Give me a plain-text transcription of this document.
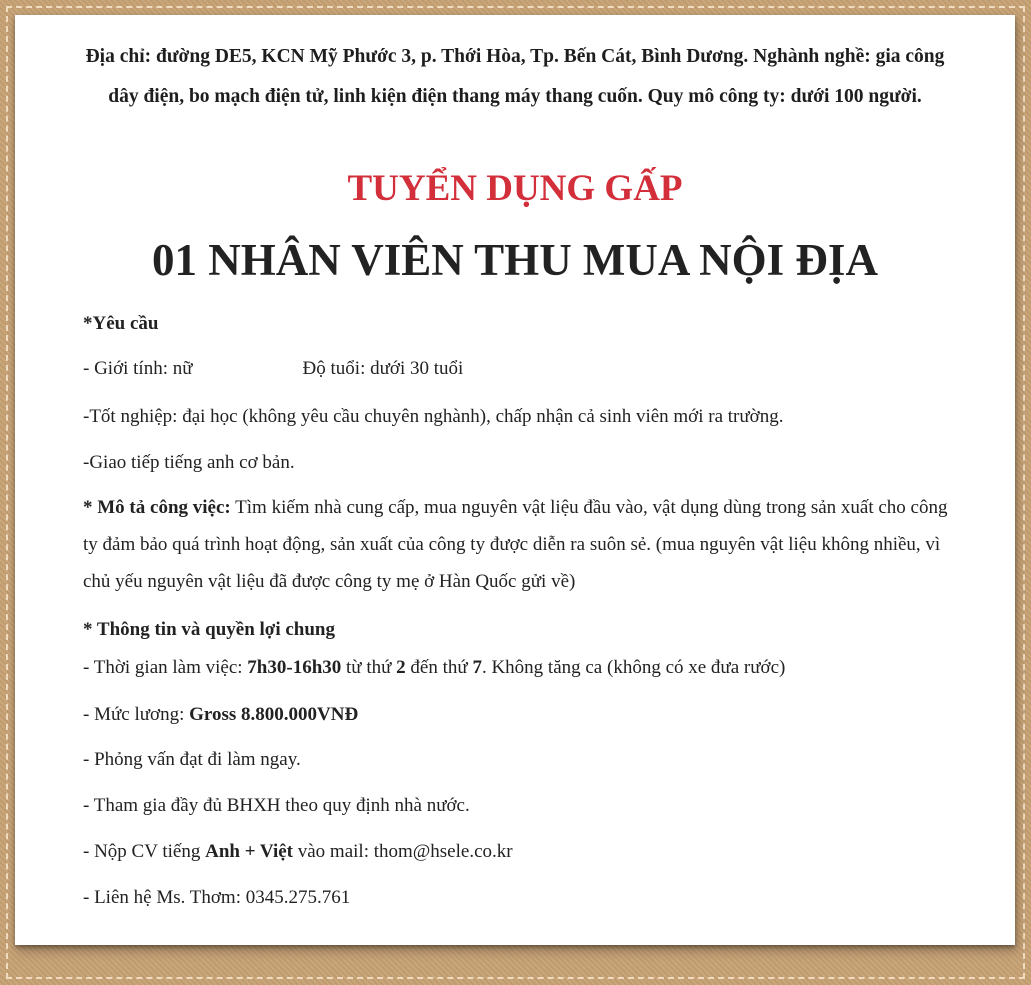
Địa chỉ: đường DE5, KCN Mỹ Phước 3, p. Thới Hòa, Tp. Bến Cát, Bình Dương. Nghành nghề: gia công dây điện, bo mạch điện tử, linh kiện điện thang máy thang cuốn. Quy mô công ty: dưới 100 người.
TUYỂN DỤNG GẤP
01 NHÂN VIÊN THU MUA NỘI ĐỊA
*Yêu cầu
- Giới tính: nữ	Độ tuổi: dưới 30 tuổi
-Tốt nghiệp: đại học (không yêu cầu chuyên nghành), chấp nhận cả sinh viên mới ra trường.
-Giao tiếp tiếng anh cơ bản.
* Mô tả công việc: Tìm kiếm nhà cung cấp, mua nguyên vật liệu đầu vào, vật dụng dùng trong sản xuất cho công ty đảm bảo quá trình hoạt động, sản xuất của công ty được diễn ra suôn sẻ. (mua nguyên vật liệu không nhiều, vì chủ yếu nguyên vật liệu đã được công ty mẹ ở Hàn Quốc gửi về)
* Thông tin và quyền lợi chung
- Thời gian làm việc: 7h30-16h30 từ thứ 2 đến thứ 7. Không tăng ca (không có xe đưa rước)
- Mức lương: Gross 8.800.000VNĐ
- Phỏng vấn đạt đi làm ngay.
- Tham gia đầy đủ BHXH theo quy định nhà nước.
- Nộp CV tiếng Anh + Việt vào mail: thom@hsele.co.kr
- Liên hệ Ms. Thơm: 0345.275.761
